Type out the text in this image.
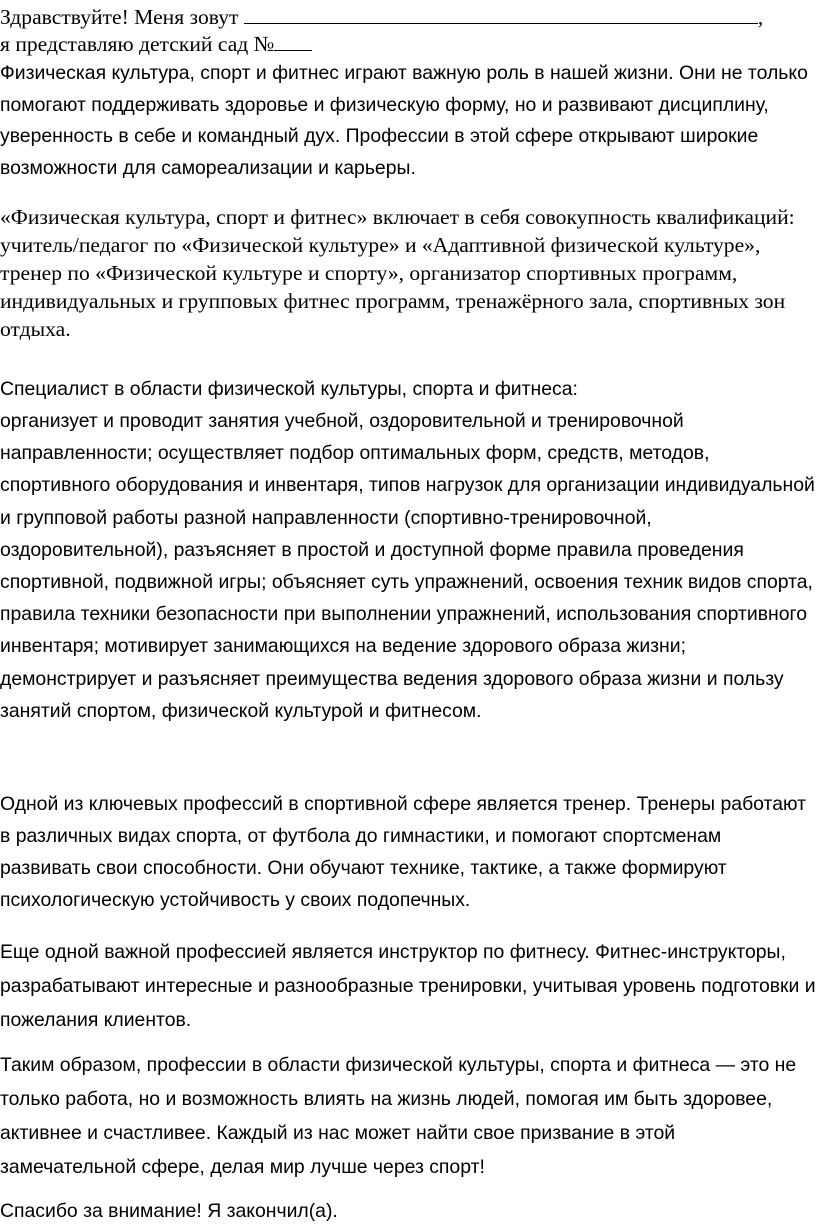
Здравствуйте! Меня зовут	,
я представляю детский сад №

Физическая культура, спорт и фитнес играют важную роль в нашей жизни. Они не только помогают поддерживать здоровье и физическую форму, но и развивают дисциплину, уверенность в себе и командный дух. Профессии в этой сфере открывают широкие возможности для самореализации и карьеры.

«Физическая культура, спорт и фитнес» включает в себя совокупность квалификаций: учитель/педагог по «Физической культуре» и «Адаптивной физической культуре», тренер по «Физической культуре и спорту», организатор спортивных программ, индивидуальных и групповых фитнес программ, тренажёрного зала, спортивных зон отдыха.

Специалист в области физической культуры, спорта и фитнеса:

организует и проводит занятия учебной, оздоровительной и тренировочной направленности; осуществляет подбор оптимальных форм, средств, методов, спортивного оборудования и инвентаря, типов нагрузок для организации индивидуальной и групповой работы разной направленности (спортивно-тренировочной, оздоровительной), разъясняет в простой и доступной форме правила проведения спортивной, подвижной игры; объясняет суть упражнений, освоения техник видов спорта, правила техники безопасности при выполнении упражнений, использования спортивного инвентаря; мотивирует занимающихся на ведение здорового образа жизни; демонстрирует и разъясняет преимущества ведения здорового образа жизни и пользу занятий спортом, физической культурой и фитнесом.

Одной из ключевых профессий в спортивной сфере является тренер. Тренеры работают в различных видах спорта, от футбола до гимнастики, и помогают спортсменам развивать свои способности. Они обучают технике, тактике, а также формируют психологическую устойчивость у своих подопечных.

Еще одной важной профессией является инструктор по фитнесу. Фитнес-инструкторы, разрабатывают интересные и разнообразные тренировки, учитывая уровень подготовки и пожелания клиентов.

Таким образом, профессии в области физической культуры, спорта и фитнеса — это не только работа, но и возможность влиять на жизнь людей, помогая им быть здоровее, активнее и счастливее. Каждый из нас может найти свое призвание в этой замечательной сфере, делая мир лучше через спорт!

Спасибо за внимание! Я закончил(а).
